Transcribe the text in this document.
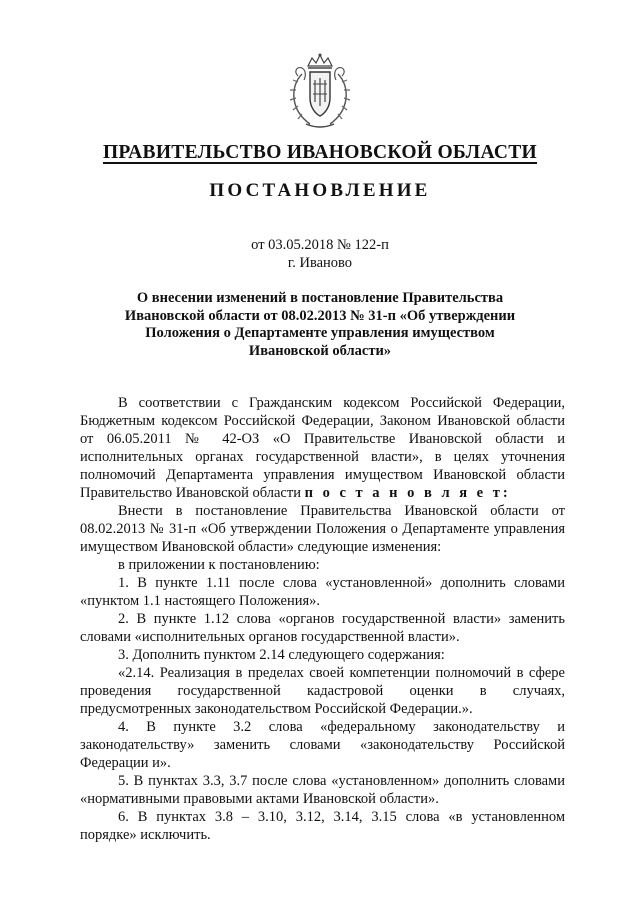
ПРАВИТЕЛЬСТВО ИВАНОВСКОЙ ОБЛАСТИ
ПОСТАНОВЛЕНИЕ
от 03.05.2018 № 122-п
г. Иваново
О внесении изменений в постановление Правительства
Ивановской области от 08.02.2013 № 31-п «Об утверждении
Положения о Департаменте управления имуществом
Ивановской области»

В соответствии с Гражданским кодексом Российской Федерации, Бюджетным кодексом Российской Федерации, Законом Ивановской области от 06.05.2011 № 42-ОЗ «О Правительстве Ивановской области и исполнительных органах государственной власти», в целях уточнения полномочий Департамента управления имуществом Ивановской области Правительство Ивановской области п о с т а н о в л я е т:

Внести в постановление Правительства Ивановской области от 08.02.2013 № 31-п «Об утверждении Положения о Департаменте управления имуществом Ивановской области» следующие изменения:

в приложении к постановлению:

1. В пункте 1.11 после слова «установленной» дополнить словами «пунктом 1.1 настоящего Положения».

2. В пункте 1.12 слова «органов государственной власти» заменить словами «исполнительных органов государственной власти».

3. Дополнить пунктом 2.14 следующего содержания:

«2.14. Реализация в пределах своей компетенции полномочий в сфере проведения государственной кадастровой оценки в случаях, предусмотренных законодательством Российской Федерации.».

4. В пункте 3.2 слова «федеральному законодательству и законодательству» заменить словами «законодательству Российской Федерации и».

5. В пунктах 3.3, 3.7 после слова «установленном» дополнить словами «нормативными правовыми актами Ивановской области».

6. В пунктах 3.8 – 3.10, 3.12, 3.14, 3.15 слова «в установленном порядке» исключить.
